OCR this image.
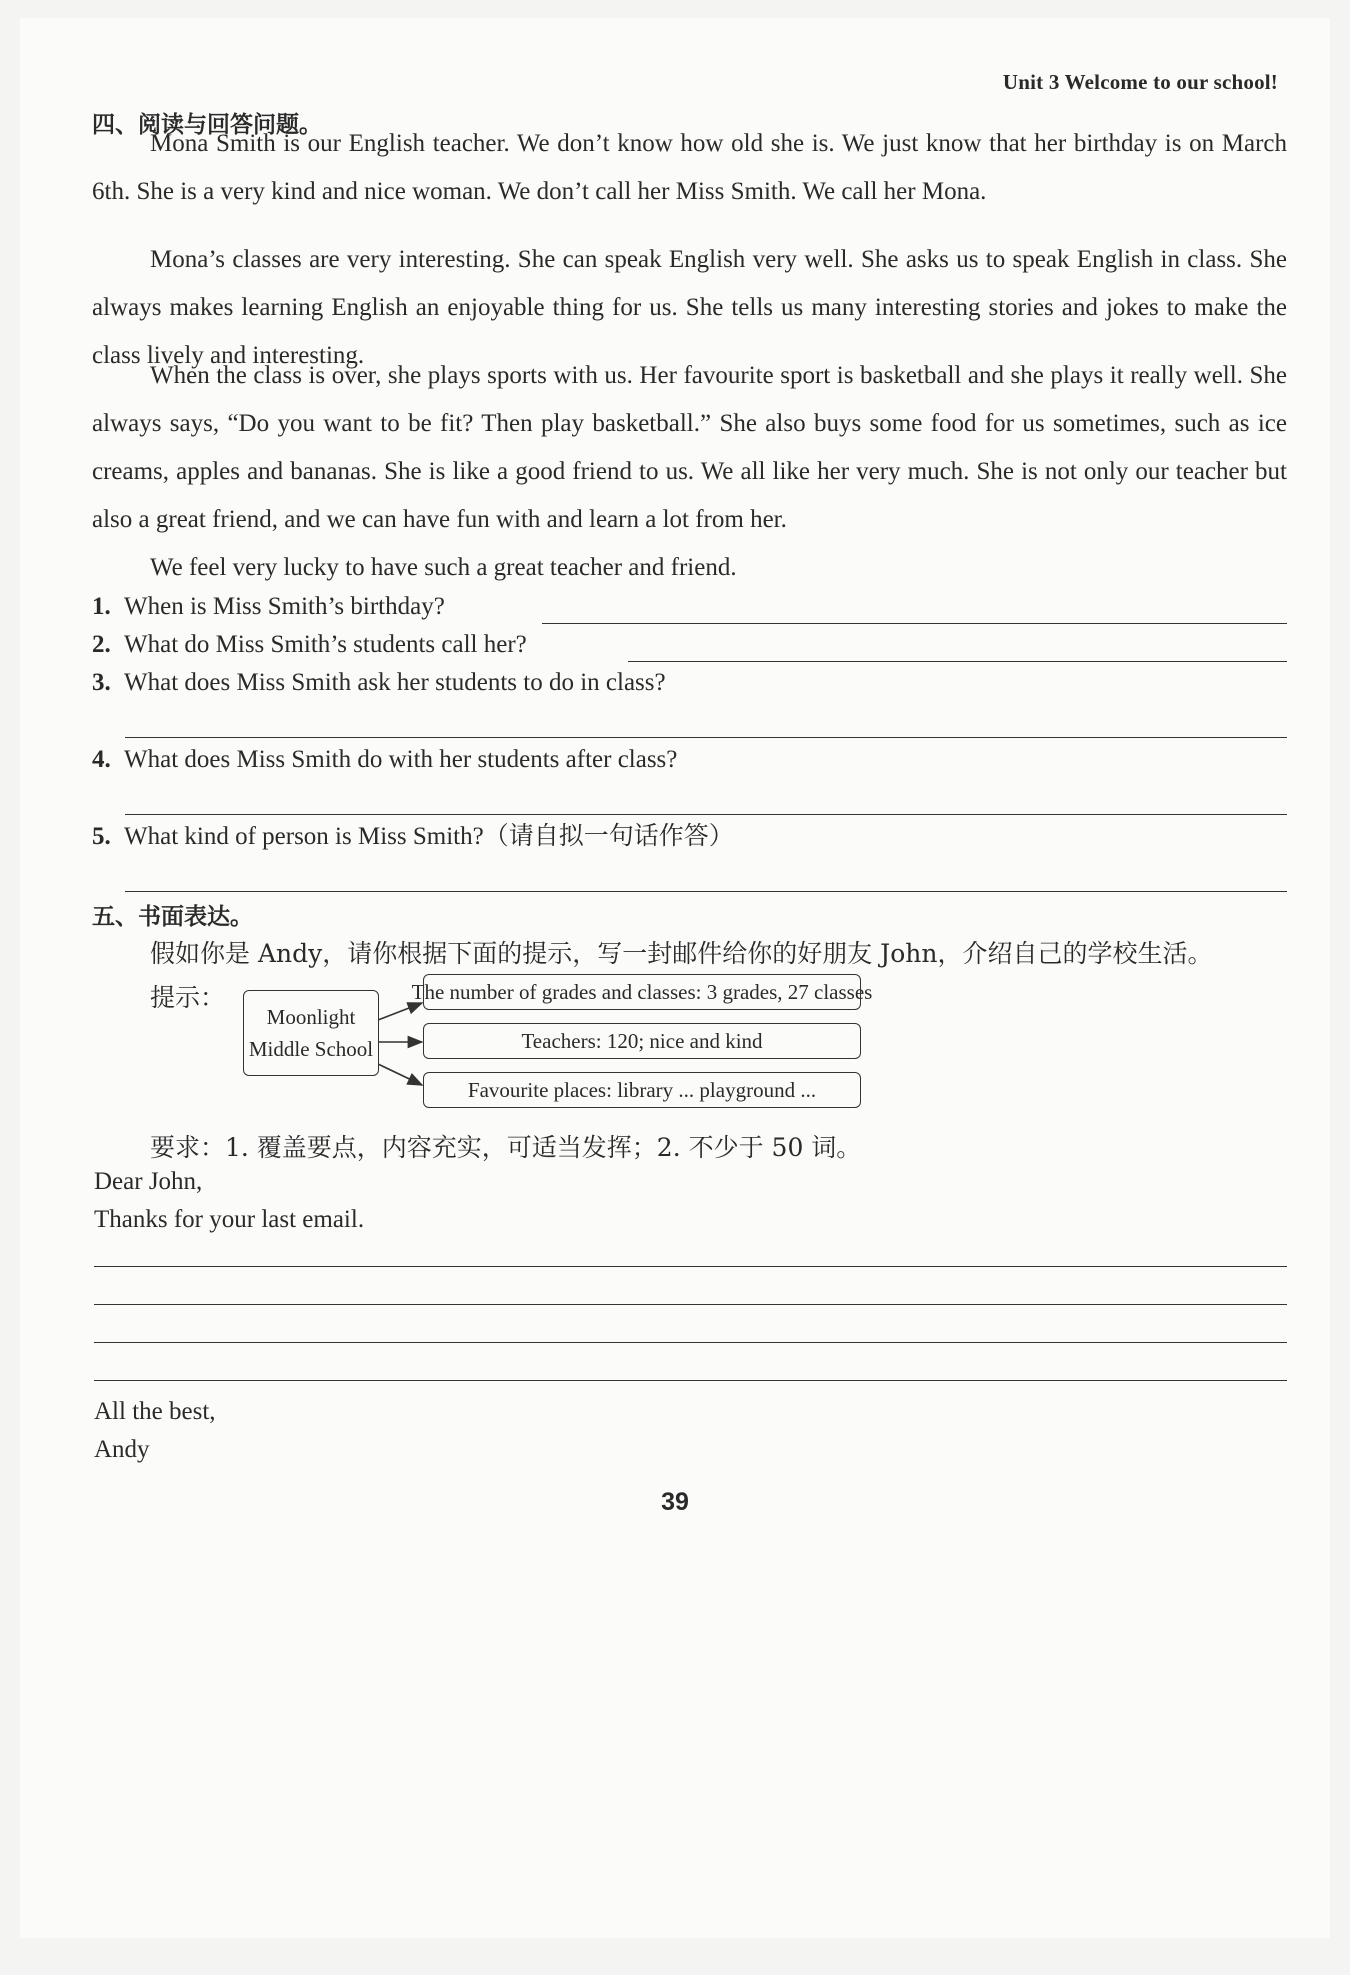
Unit 3 Welcome to our school!
四、阅读与回答问题。
Mona Smith is our English teacher. We don’t know how old she is. We just know that her birthday is on March 6th. She is a very kind and nice woman. We don’t call her Miss Smith. We call her Mona.
Mona’s classes are very interesting. She can speak English very well. She asks us to speak English in class. She always makes learning English an enjoyable thing for us. She tells us many interesting stories and jokes to make the class lively and interesting.
When the class is over, she plays sports with us. Her favourite sport is basketball and she plays it really well. She always says, “Do you want to be fit? Then play basketball.” She also buys some food for us sometimes, such as ice creams, apples and bananas. She is like a good friend to us. We all like her very much. She is not only our teacher but also a great friend, and we can have fun with and learn a lot from her.
We feel very lucky to have such a great teacher and friend.
1. When is Miss Smith’s birthday?
2. What do Miss Smith’s students call her?
3. What does Miss Smith ask her students to do in class?
4. What does Miss Smith do with her students after class?
5. What kind of person is Miss Smith?（请自拟一句话作答）
五、书面表达。
假如你是 Andy，请你根据下面的提示，写一封邮件给你的好朋友 John，介绍自己的学校生活。
提示：
Moonlight
Middle School
The number of grades and classes: 3 grades, 27 classes
Teachers: 120; nice and kind
Favourite places: library ... playground ...
要求：1. 覆盖要点，内容充实，可适当发挥；2. 不少于 50 词。
Dear John,
Thanks for your last email.
All the best,
Andy
39
